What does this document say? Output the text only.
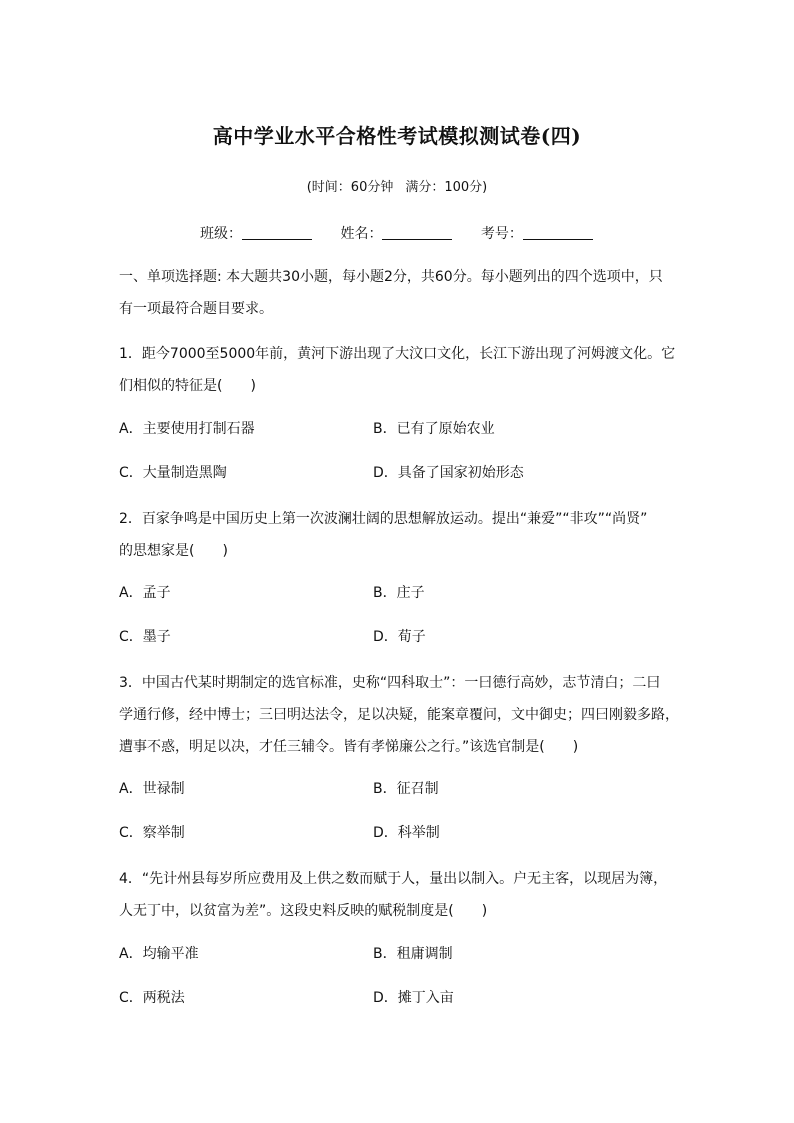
高中学业水平合格性考试模拟测试卷(四)
(时间：60分钟 满分：100分)
班级：	姓名：	考号：
一、单项选择题: 本大题共30小题，每小题2分，共60分。每小题列出的四个选项中，只
有一项最符合题目要求。
1．距今7000至5000年前，黄河下游出现了大汶口文化，长江下游出现了河姆渡文化。它
们相似的特征是(　　)
A．主要使用打制石器	B．已有了原始农业
C．大量制造黑陶	D．具备了国家初始形态
2．百家争鸣是中国历史上第一次波澜壮阔的思想解放运动。提出“兼爱”“非攻”“尚贤”
的思想家是(　　)
A．孟子	B．庄子
C．墨子	D．荀子
3．中国古代某时期制定的选官标准，史称“四科取士”：一曰德行高妙，志节清白；二曰
学通行修，经中博士；三曰明达法令，足以决疑，能案章覆问，文中御史；四曰刚毅多路，
遭事不惑，明足以决，才任三辅令。皆有孝悌廉公之行。”该选官制是(　　)
A．世禄制	B．征召制
C．察举制	D．科举制
4．“先计州县每岁所应费用及上供之数而赋于人，量出以制入。户无主客，以现居为簿，
人无丁中，以贫富为差”。这段史料反映的赋税制度是(　　)
A．均输平准	B．租庸调制
C．两税法	D．摊丁入亩
